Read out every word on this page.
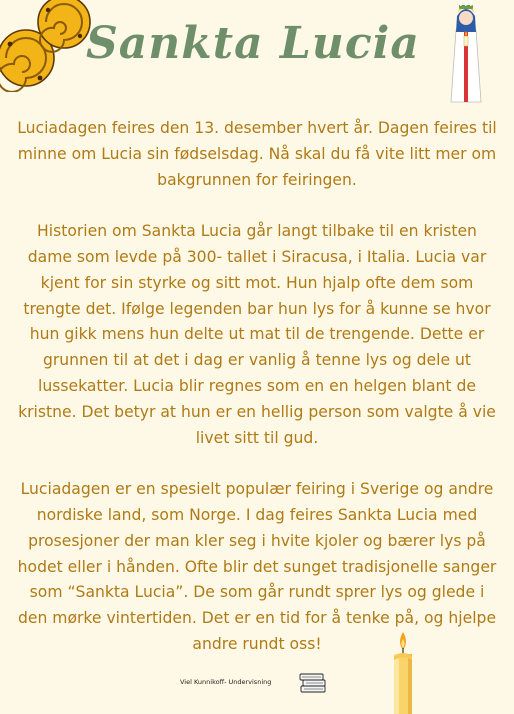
Sankta Lucia

Luciadagen feires den 13. desember hvert år. Dagen feires til minne om Lucia sin fødselsdag. Nå skal du få vite litt mer om bakgrunnen for feiringen.

Historien om Sankta Lucia går langt tilbake til en kristen dame som levde på 300- tallet i Siracusa, i Italia. Lucia var kjent for sin styrke og sitt mot. Hun hjalp ofte dem som trengte det. Ifølge legenden bar hun lys for å kunne se hvor hun gikk mens hun delte ut mat til de trengende. Dette er grunnen til at det i dag er vanlig å tenne lys og dele ut lussekatter. Lucia blir regnes som en en helgen blant de kristne. Det betyr at hun er en hellig person som valgte å vie livet sitt til gud.

Luciadagen er en spesielt populær feiring i Sverige og andre nordiske land, som Norge. I dag feires Sankta Lucia med prosesjoner der man kler seg i hvite kjoler og bærer lys på hodet eller i hånden. Ofte blir det sunget tradisjonelle sanger som “Sankta Lucia”. De som går rundt sprer lys og glede i den mørke vintertiden. Det er en tid for å tenke på, og hjelpe andre rundt oss!

Viel Kunnikoff- Undervisning
